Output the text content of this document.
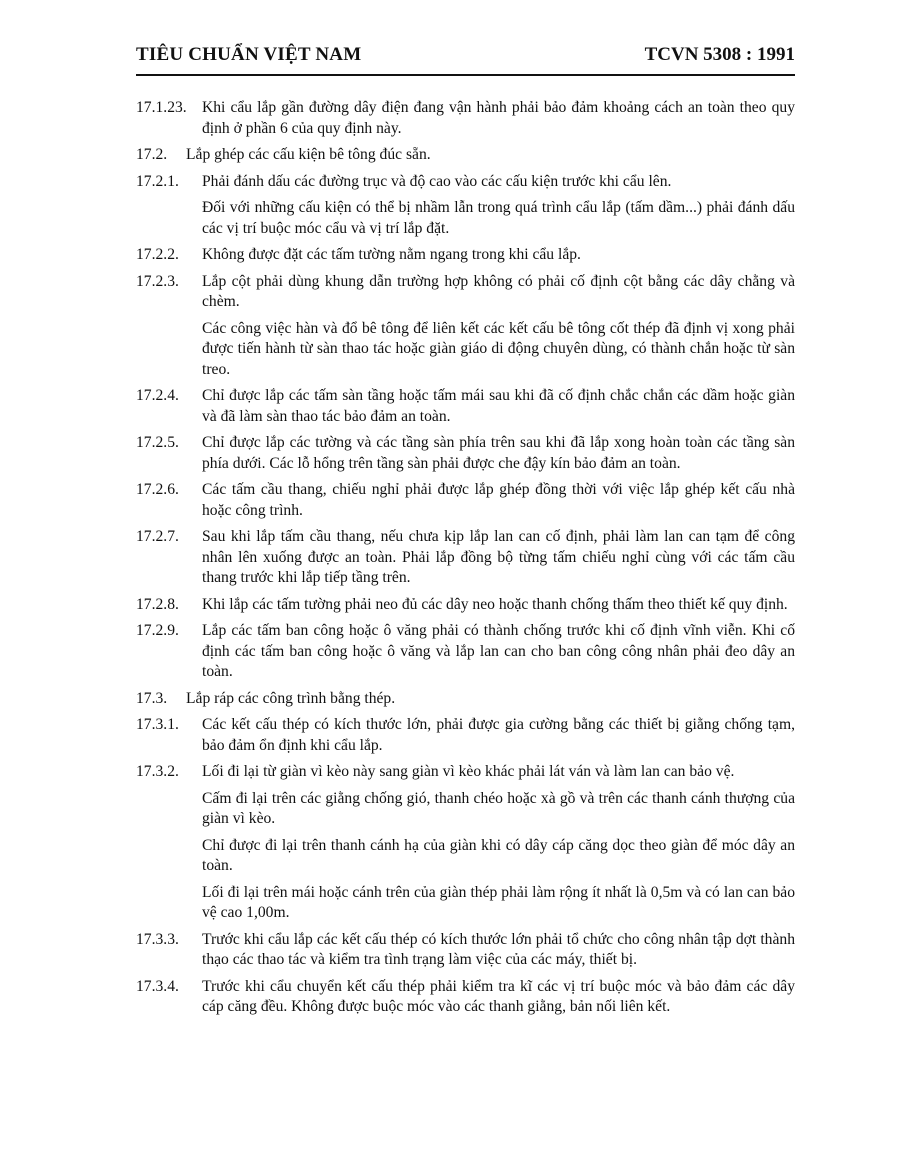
TIÊU CHUẨN VIỆT NAM	TCVN 5308 : 1991
17.1.23. Khi cẩu lắp gần đường dây điện đang vận hành phải bảo đảm khoảng cách an toàn theo quy định ở phần 6 của quy định này.
17.2.	Lắp ghép các cấu kiện bê tông đúc sẵn.
17.2.1.	Phải đánh dấu các đường trục và độ cao vào các cấu kiện trước khi cẩu lên.
Đối với những cấu kiện có thể bị nhầm lẫn trong quá trình cẩu lắp (tấm dầm...) phải đánh dấu các vị trí buộc móc cẩu và vị trí lắp đặt.
17.2.2.	Không được đặt các tấm tường nằm ngang trong khi cẩu lắp.
17.2.3.	Lắp cột phải dùng khung dẫn trường hợp không có phải cố định cột bằng các dây chằng và chèm.
Các công việc hàn và đổ bê tông để liên kết các kết cấu bê tông cốt thép đã định vị xong phải được tiến hành từ sàn thao tác hoặc giàn giáo di động chuyên dùng, có thành chắn hoặc từ sàn treo.
17.2.4.	Chỉ được lắp các tấm sàn tầng hoặc tấm mái sau khi đã cố định chắc chắn các dầm hoặc giàn và đã làm sàn thao tác bảo đảm an toàn.
17.2.5.	Chỉ được lắp các tường và các tầng sàn phía trên sau khi đã lắp xong hoàn toàn các tầng sàn phía dưới. Các lỗ hổng trên tầng sàn phải được che đậy kín bảo đảm an toàn.
17.2.6.	Các tấm cầu thang, chiếu nghỉ phải được lắp ghép đồng thời với việc lắp ghép kết cấu nhà hoặc công trình.
17.2.7.	Sau khi lắp tấm cầu thang, nếu chưa kịp lắp lan can cố định, phải làm lan can tạm để công nhân lên xuống được an toàn. Phải lắp đồng bộ từng tấm chiếu nghỉ cùng với các tấm cầu thang trước khi lắp tiếp tầng trên.
17.2.8.	Khi lắp các tấm tường phải neo đủ các dây neo hoặc thanh chống thấm theo thiết kế quy định.
17.2.9.	Lắp các tấm ban công hoặc ô văng phải có thành chống trước khi cố định vĩnh viễn. Khi cố định các tấm ban công hoặc ô văng và lắp lan can cho ban công công nhân phải đeo dây an toàn.
17.3.	Lắp ráp các công trình bằng thép.
17.3.1.	Các kết cấu thép có kích thước lớn, phải được gia cường bằng các thiết bị giằng chống tạm, bảo đảm ổn định khi cẩu lắp.
17.3.2.	Lối đi lại từ giàn vì kèo này sang giàn vì kèo khác phải lát ván và làm lan can bảo vệ.
Cấm đi lại trên các giằng chống gió, thanh chéo hoặc xà gồ và trên các thanh cánh thượng của giàn vì kèo.
Chỉ được đi lại trên thanh cánh hạ của giàn khi có dây cáp căng dọc theo giàn để móc dây an toàn.
Lối đi lại trên mái hoặc cánh trên của giàn thép phải làm rộng ít nhất là 0,5m và có lan can bảo vệ cao 1,00m.
17.3.3.	Trước khi cẩu lắp các kết cấu thép có kích thước lớn phải tổ chức cho công nhân tập dợt thành thạo các thao tác và kiểm tra tình trạng làm việc của các máy, thiết bị.
17.3.4.	Trước khi cẩu chuyển kết cấu thép phải kiểm tra kĩ các vị trí buộc móc và bảo đảm các dây cáp căng đều. Không được buộc móc vào các thanh giằng, bản nối liên kết.
